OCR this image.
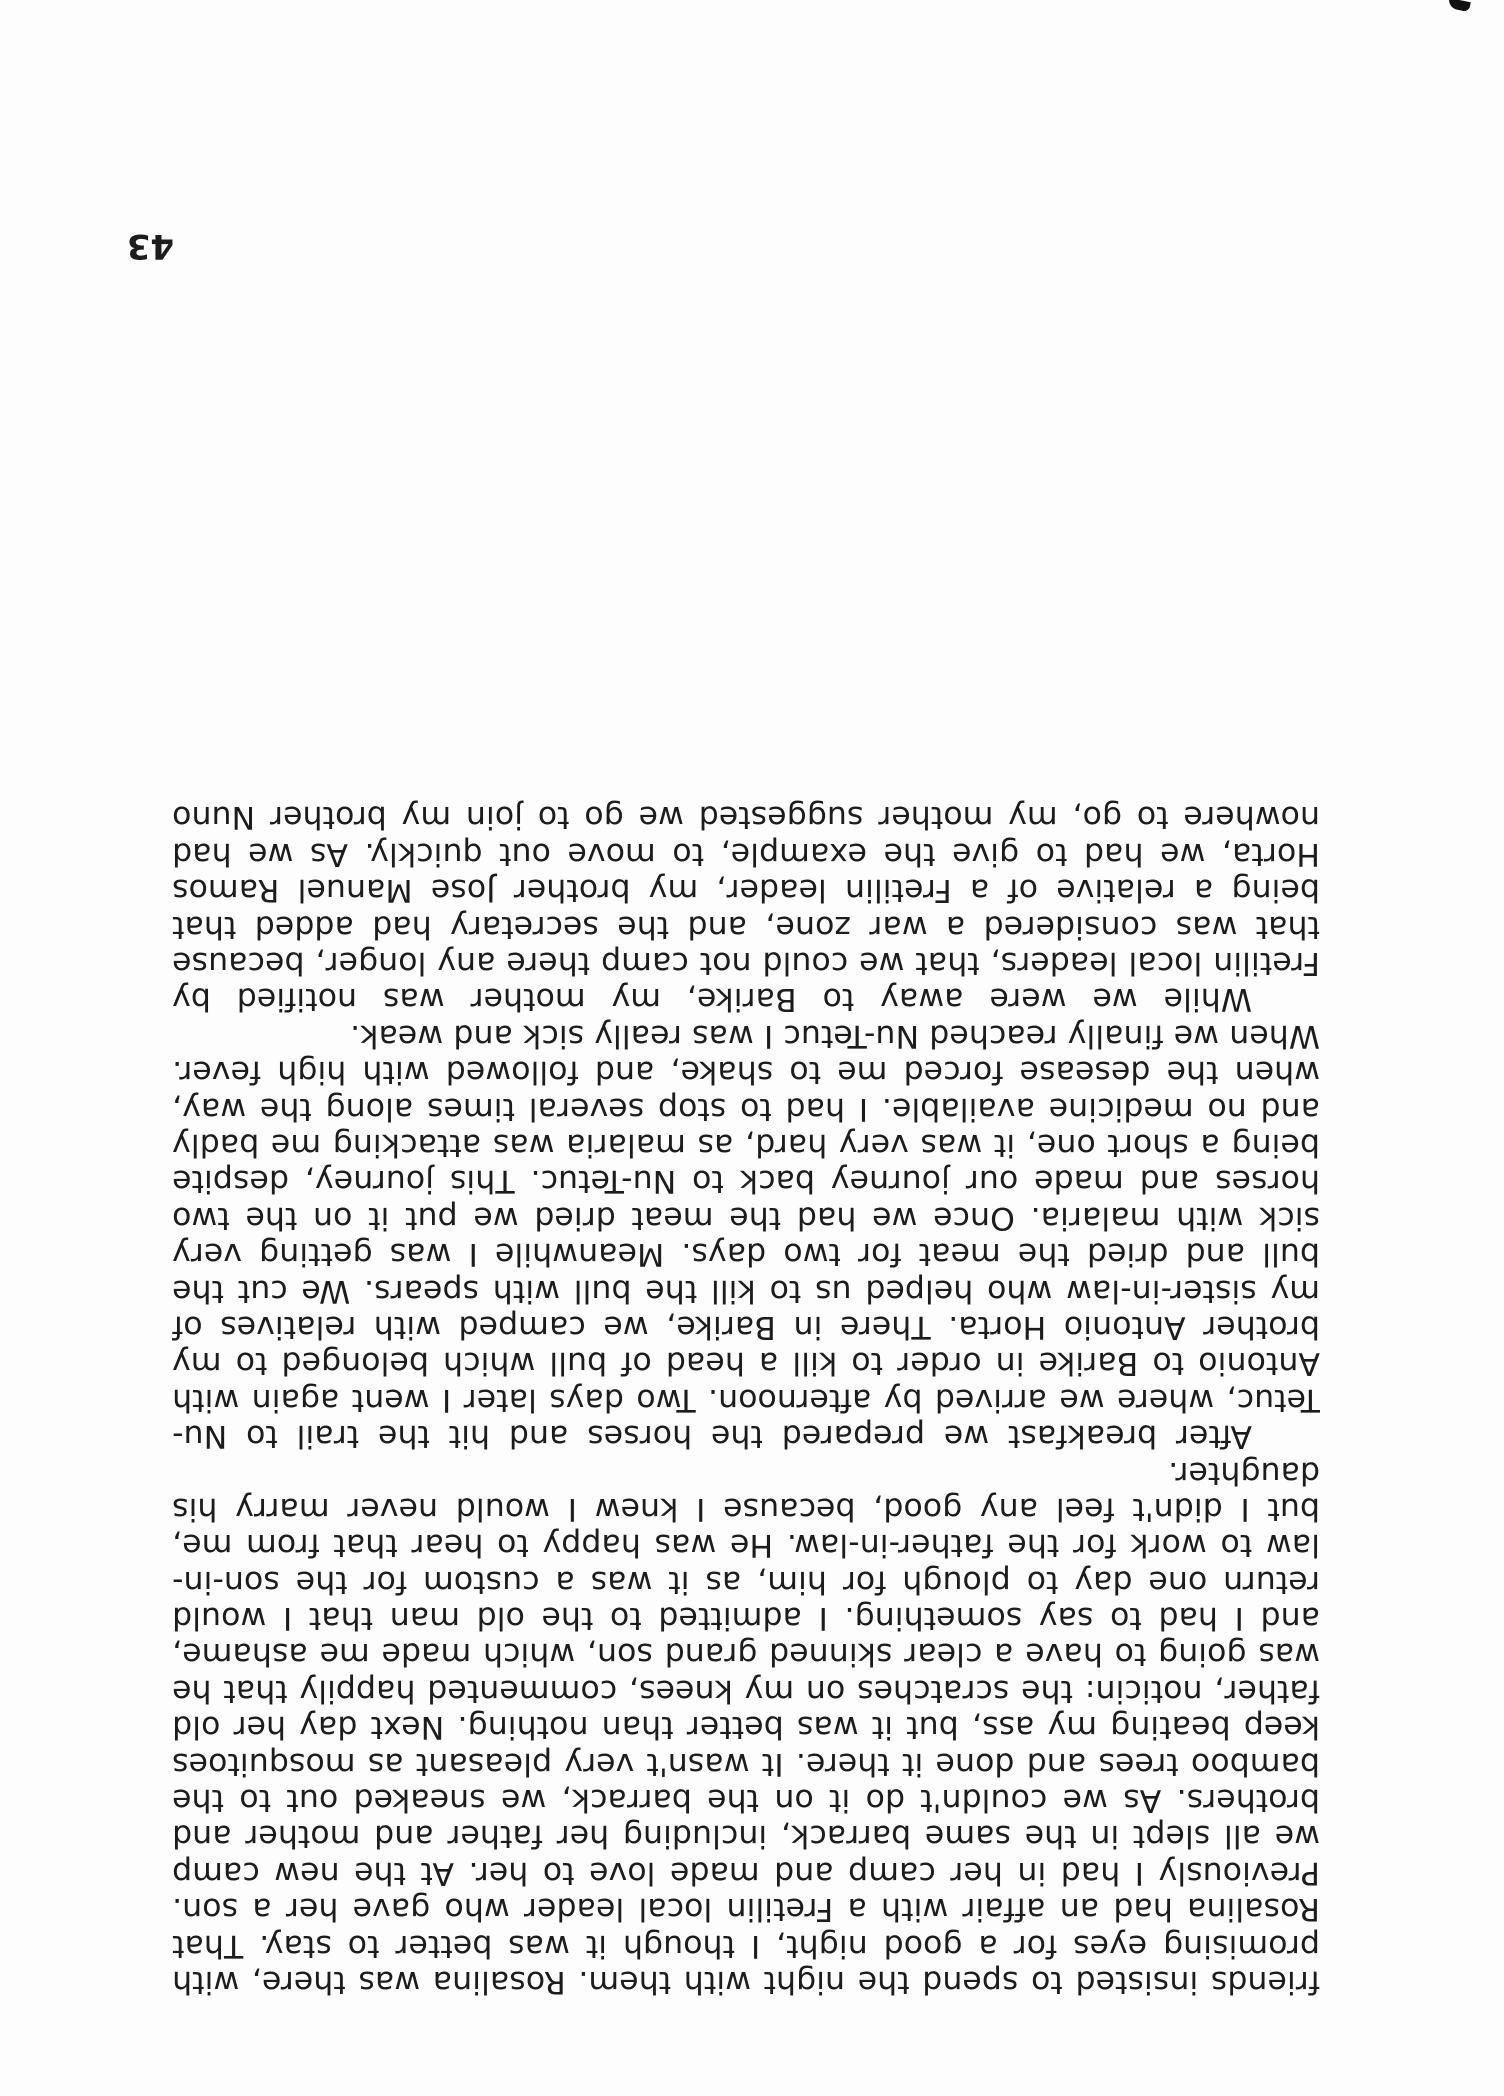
friends insisted to spend the night with them. Rosalina was there, with
promising eyes for a good night, I though it was better to stay. That
Rosalina had an affair with a Fretilin local leader who gave her a son.
Previously I had in her camp and made love to her. At the new camp
we all slept in the same barrack, including her father and mother and
brothers. As we couldn't do it on the barrack, we sneaked out to the
bamboo trees and done it there. It wasn't very pleasant as mosquitoes
keep beating my ass, but it was better than nothing. Next day her old
father, noticin: the scratches on my knees, commented happily that he
was going to have a clear skinned grand son, which made me ashame,
and I had to say something. I admitted to the old man that I would
return one day to plough for him, as it was a custom for the son-in-
law to work for the father-in-law. He was happy to hear that from me,
but I didn't feel any good, because I knew I would never marry his
daughter.
After breakfast we prepared the horses and hit the trail to Nu-
Tetuc, where we arrived by afternoon. Two days later I went again with
Antonio to Barike in order to kill a head of bull which belonged to my
brother Antonio Horta. There in Barike, we camped with relatives of
my sister-in-law who helped us to kill the bull with spears. We cut the
bull and dried the meat for two days. Meanwhile I was getting very
sick with malaria. Once we had the meat dried we put it on the two
horses and made our journey back to Nu-Tetuc. This journey, despite
being a short one, it was very hard, as malaria was attacking me badly
and no medicine available. I had to stop several times along the way,
when the desease forced me to shake, and followed with high fever.
When we finally reached Nu-Tetuc I was really sick and weak.
While we were away to Barike, my mother was notified by
Fretilin local leaders, that we could not camp there any longer, because
that was considered a war zone, and the secretary had added that
being a relative of a Fretilin leader, my brother Jose Manuel Ramos
Horta, we had to give the example, to move out quickly. As we had
nowhere to go, my mother suggested we go to join my brother Nuno
43
